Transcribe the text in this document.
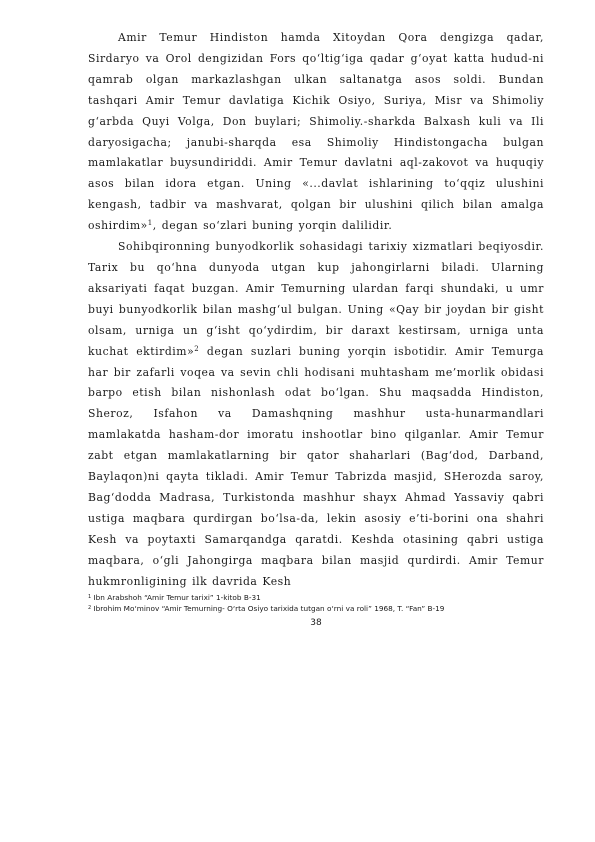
Amir Temur Hindiston hamda Xitoydan Qora dengizga qadar, Sirdaryo va Orol dengizidan Fors qo‘ltig‘iga qadar g‘oyat katta hudud-ni qamrab olgan markazlashgan ulkan saltanatga asos soldi. Bundan tashqari Amir Temur davlatiga Kichik Osiyo, Suriya, Misr va Shimoliy g‘arbda Quyi Volga, Don buylari; Shimoliy.-sharkda Balxash kuli va Ili daryosigacha; janubi-sharqda esa Shimoliy Hindistongacha bulgan mamlakatlar buysundiriddi. Amir Temur davlatni aql-zakovot va huquqiy asos bilan idora etgan. Uning «...davlat ishlarining to‘qqiz ulushini kengash, tadbir va mashvarat, qolgan bir ulushini qilich bilan amalga oshirdim»$^1$, degan so‘zlari buning yorqin dalilidir.

Sohibqironning bunyodkorlik sohasidagi tarixiy xizmatlari beqiyosdir. Tarix bu qo‘hna dunyoda utgan kup jahongirlarni biladi. Ularning aksariyati faqat buzgan. Amir Temurning ulardan farqi shundaki, u umr buyi bunyodkorlik bilan mashg‘ul bulgan. Uning «Qay bir joydan bir gisht olsam, urniga un g‘isht qo‘ydirdim, bir daraxt kestirsam, urniga unta kuchat ektirdim»$^2$ degan suzlari buning yorqin isbotidir. Amir Temurga har bir zafarli voqea va sevin chli hodisani muhtasham me’morlik obidasi barpo etish bilan nishonlash odat bo‘lgan. Shu maqsadda Hindiston, Sheroz, Isfahon va Damashqning mashhur usta-hunarmandlari mamlakatda hasham-dor imoratu inshootlar bino qilganlar. Amir Temur zabt etgan mamlakatlarning bir qator shaharlari (Bag‘dod, Darband, Baylaqon)ni qayta tikladi. Amir Temur Tabrizda masjid, SHerozda saroy, Bag‘dodda Madrasa, Turkistonda mashhur shayx Ahmad Yassaviy qabri ustiga maqbara qurdirgan bo‘lsa-da, lekin asosiy e’ti-borini ona shahri Kesh va poytaxti Samarqandga qaratdi. Keshda otasining qabri ustiga maqbara, o‘gli Jahongirga maqbara bilan masjid qurdirdi. Amir Temur hukmronligining ilk davrida Kesh

$^1$ Ibn Arabshoh “Amir Temur tarixi” 1-kitob B-31

$^2$ Ibrohim Mo‘minov “Amir Temurning- O‘rta Osiyo tarixida tutgan o‘rni va roli” 1968, T. “Fan” B-19

38
